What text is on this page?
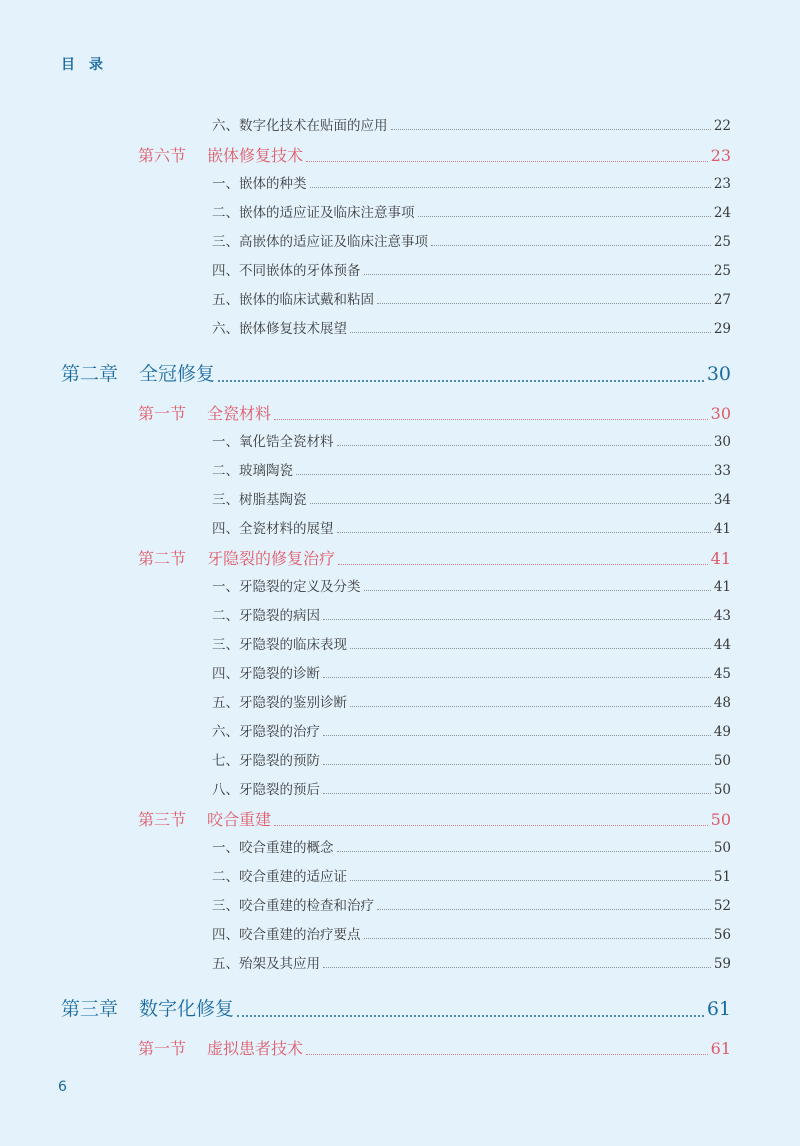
目录
六、数字化技术在贴面的应用	22
第六节	嵌体修复技术	23
一、嵌体的种类	23
二、嵌体的适应证及临床注意事项	24
三、高嵌体的适应证及临床注意事项	25
四、不同嵌体的牙体预备	25
五、嵌体的临床试戴和粘固	27
六、嵌体修复技术展望	29
第二章	全冠修复	30
第一节	全瓷材料	30
一、氧化锆全瓷材料	30
二、玻璃陶瓷	33
三、树脂基陶瓷	34
四、全瓷材料的展望	41
第二节	牙隐裂的修复治疗	41
一、牙隐裂的定义及分类	41
二、牙隐裂的病因	43
三、牙隐裂的临床表现	44
四、牙隐裂的诊断	45
五、牙隐裂的鉴别诊断	48
六、牙隐裂的治疗	49
七、牙隐裂的预防	50
八、牙隐裂的预后	50
第三节	咬合重建	50
一、咬合重建的概念	50
二、咬合重建的适应证	51
三、咬合重建的检查和治疗	52
四、咬合重建的治疗要点	56
五、殆架及其应用	59
第三章	数字化修复	61
第一节	虚拟患者技术	61
6
